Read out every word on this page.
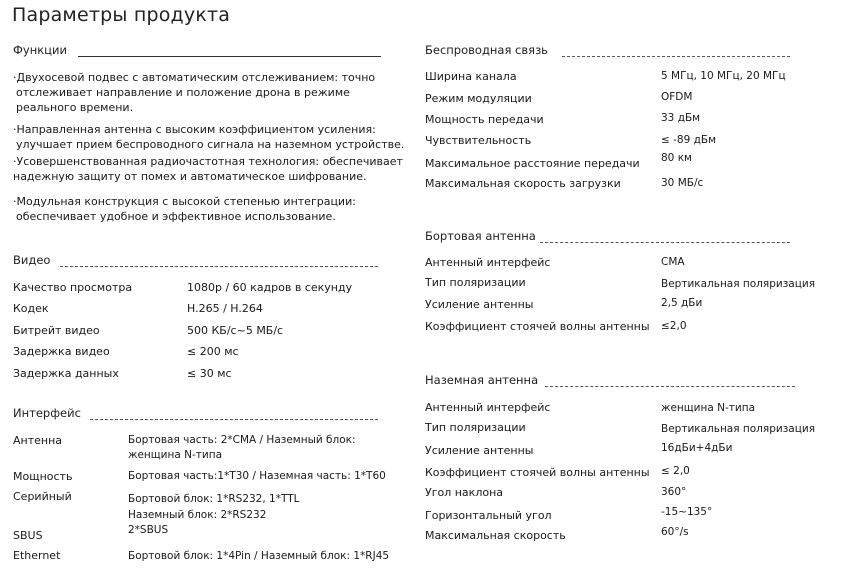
Параметры продукта
Функции
·Двухосевой подвес с автоматическим отслеживанием: точно
отслеживает направление и положение дрона в режиме
реального времени.
·Направленная антенна с высоким коэффициентом усиления:
улучшает прием беспроводного сигнала на наземном устройстве.
·Усовершенствованная радиочастотная технология: обеспечивает
надежную защиту от помех и автоматическое шифрование.
·Модульная конструкция с высокой степенью интеграции:
обеспечивает удобное и эффективное использование.
Видео
Качество просмотра	1080p / 60 кадров в секунду
Кодек	H.265 / H.264
Битрейт видео	500 КБ/с~5 МБ/с
Задержка видео	≤ 200 мс
Задержка данных	≤ 30 мс
Интерфейс
Антенна	Бортовая часть: 2*CMA / Наземный блок:
женщина N-типа
Мощность	Бортовая часть:1*T30 / Наземная часть: 1*T60
Серийный	Бортовой блок: 1*RS232, 1*TTL
Наземный блок: 2*RS232
SBUS	2*SBUS
Ethernet	Бортовой блок: 1*4Pin / Наземный блок: 1*RJ45
Беспроводная связь
Ширина канала	5 МГц, 10 МГц, 20 МГц
Режим модуляции	OFDM
Мощность передачи	33 дБм
Чувствительность	≤ -89 дБм
Максимальное расстояние передачи 80 км
Максимальная скорость загрузки	30 МБ/с
Бортовая антенна
Антенный интерфейс	CMA
Тип поляризации	Вертикальная поляризация
Усиление антенны	2,5 дБи
Коэффициент стоячей волны антенны ≤2,0
Наземная антенна
Антенный интерфейс	женщина N-типа
Тип поляризации	Вертикальная поляризация
Усиление антенны	16дБи+4дБи
Коэффициент стоячей волны антенны ≤ 2,0
Угол наклона	360°
Горизонтальный угол	-15~135°
Максимальная скорость	60°/s
